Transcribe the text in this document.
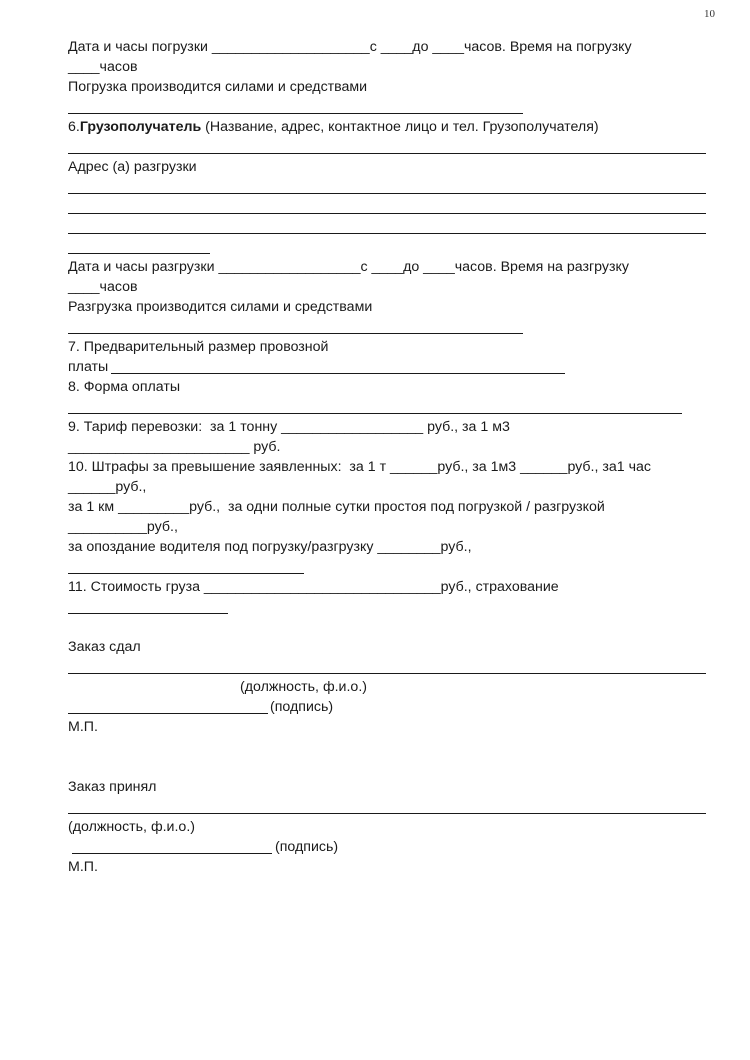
10
Дата и часы погрузки ____________________с ____до ____часов. Время на погрузку
____часов
Погрузка производится силами и средствами
6.Грузополучатель (Название, адрес, контактное лицо и тел. Грузополучателя)
Адрес (а) разгрузки
Дата и часы разгрузки __________________с ____до ____часов. Время на разгрузку
____часов
Разгрузка производится силами и средствами
7. Предварительный размер провозной
платы
8. Форма оплаты
9. Тариф перевозки:  за 1 тонну __________________ руб., за 1 м3
_______________________ руб.
10. Штрафы за превышение заявленных:  за 1 т ______руб., за 1м3 ______руб., за1 час
______руб.,
за 1 км _________руб.,  за одни полные сутки простоя под погрузкой / разгрузкой
__________руб.,
за опоздание водителя под погрузку/разгрузку ________руб.,
11. Стоимость груза ______________________________руб., страхование
Заказ сдал
(должность, ф.и.о.)
(подпись)
М.П.
Заказ принял
(должность, ф.и.о.)
(подпись)
М.П.
